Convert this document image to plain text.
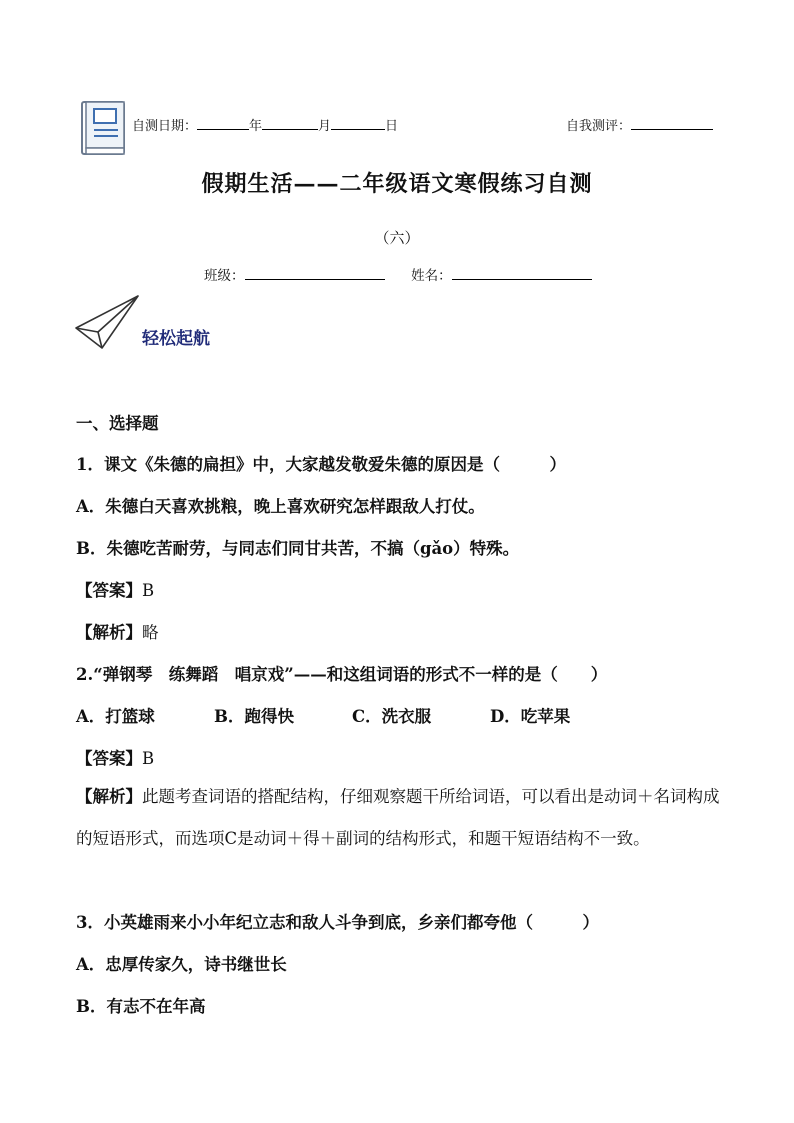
自测日期：	年	月	日	自我测评：
假期生活——二年级语文寒假练习自测
（六）
班级：	姓名：
轻松起航
一、选择题
1．课文《朱德的扁担》中，大家越发敬爱朱德的原因是（　　　）
A．朱德白天喜欢挑粮，晚上喜欢研究怎样跟敌人打仗。
B．朱德吃苦耐劳，与同志们同甘共苦，不搞（gǎo）特殊。
【答案】B
【解析】略
2.“弹钢琴　练舞蹈　唱京戏”——和这组词语的形式不一样的是（　　）
A．打篮球	B．跑得快	C．洗衣服	D．吃苹果
【答案】B
【解析】此题考查词语的搭配结构，仔细观察题干所给词语，可以看出是动词＋名词构成的短语形式，而选项C是动词＋得＋副词的结构形式，和题干短语结构不一致。
3．小英雄雨来小小年纪立志和敌人斗争到底，乡亲们都夸他（　　　）
A．忠厚传家久，诗书继世长
B．有志不在年高
